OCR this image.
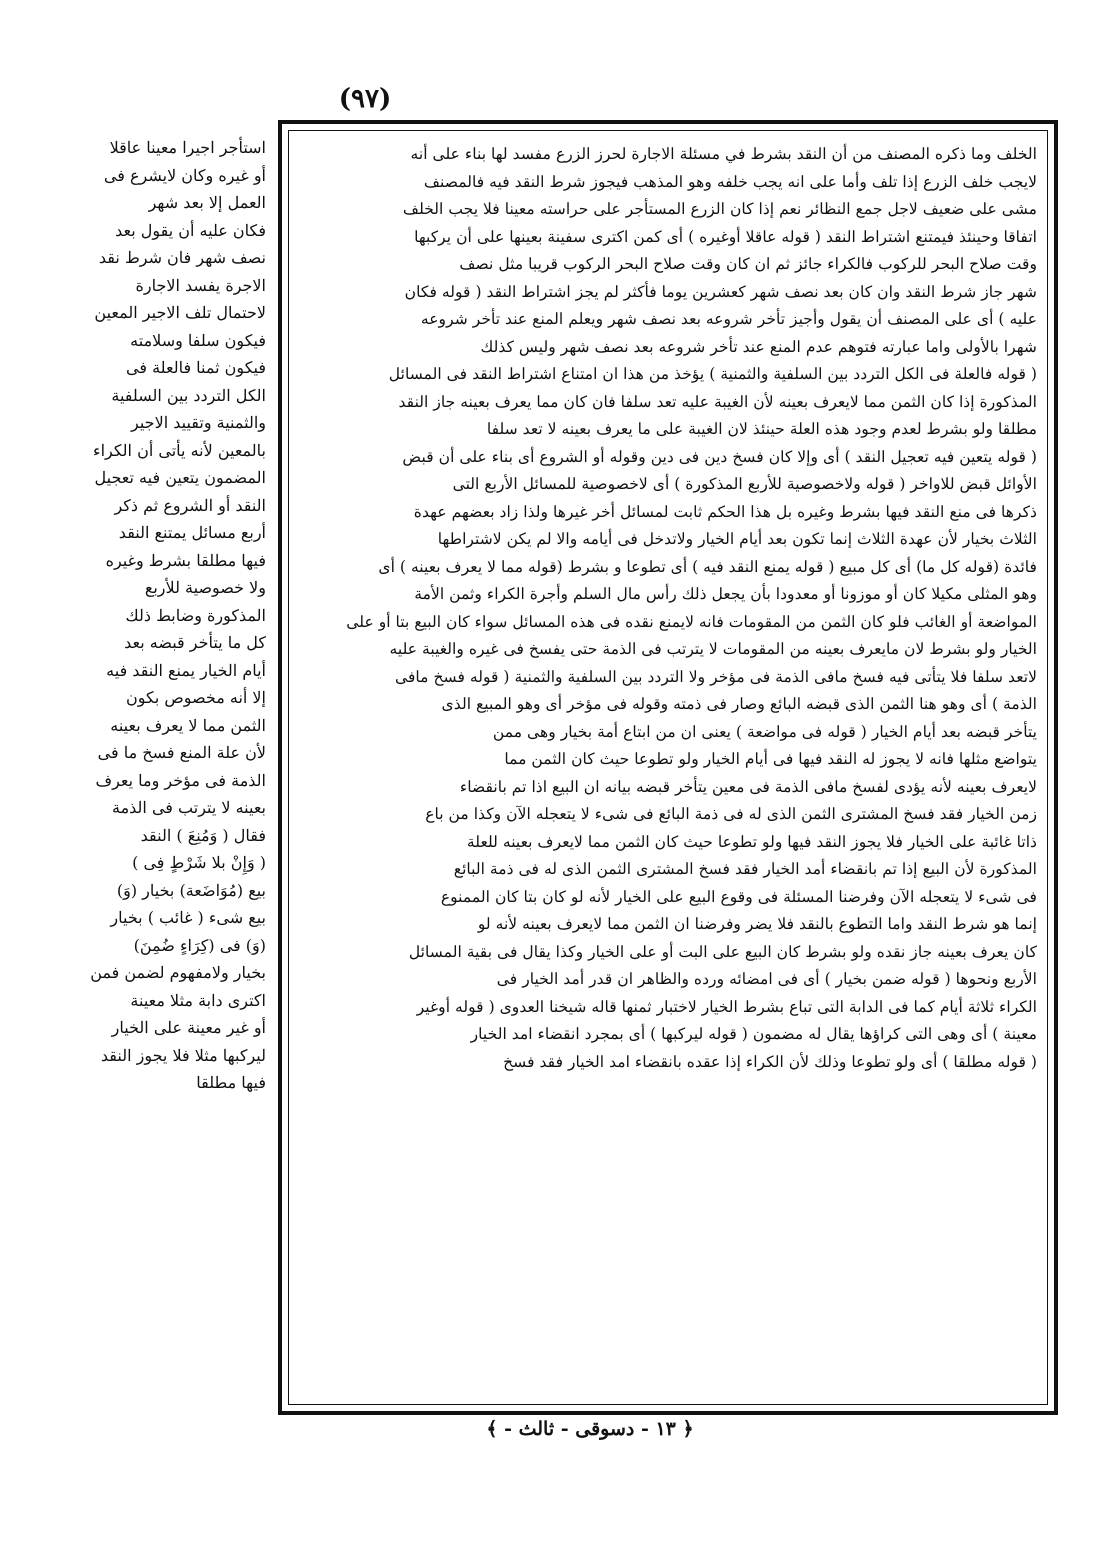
(٩٧)
استأجر اجيرا معينا عاقلا
أو غيره وكان لايشرع فى
العمل إلا بعد شهر
فكان عليه أن يقول بعد
نصف شهر فان شرط نقد
الاجرة يفسد الاجارة
لاحتمال تلف الاجير المعين
فيكون سلفا وسلامته
فيكون ثمنا فالعلة فى
الكل التردد بين السلفية
والثمنية وتقييد الاجير
بالمعين لأنه يأتى أن الكراء
المضمون يتعين فيه تعجيل
النقد أو الشروع ثم ذكر
أربع مسائل يمتنع النقد
فيها مطلقا بشرط وغيره
ولا خصوصية للأربع
المذكورة وضابط ذلك
كل ما يتأخر قبضه بعد
أيام الخيار يمنع النقد فيه
إلا أنه مخصوص بكون
الثمن مما لا يعرف بعينه
لأن علة المنع فسخ ما فى
الذمة فى مؤخر وما يعرف
بعينه لا يترتب فى الذمة
فقال ( وَمُنِعَ ) النقد
( وَإِنْ بلا شَرْطٍ فِى )
بيع (مُوَاضَعة) بخيار (وَ)
بيع شىء ( غائب ) بخيار
(وَ) فى (كِرَاءٍ ضُمِنَ)
بخيار ولامفهوم لضمن فمن
اكترى دابة مثلا معينة
أو غير معينة على الخيار
ليركبها مثلا فلا يجوز النقد
فيها مطلقا
الخلف وما ذكره المصنف من أن النقد بشرط في مسئلة الاجارة لحرز الزرع مفسد لها بناء على أنه
لايجب خلف الزرع إذا تلف وأما على انه يجب خلفه وهو المذهب فيجوز شرط النقد فيه فالمصنف
مشى على ضعيف لاجل جمع النظائر نعم إذا كان الزرع المستأجر على حراسته معينا فلا يجب الخلف
اتفاقا وحينئذ فيمتنع اشتراط النقد ( قوله عاقلا أوغيره ) أى كمن اكترى سفينة بعينها على أن يركبها
وقت صلاح البحر للركوب فالكراء جائز ثم ان كان وقت صلاح البحر الركوب قريبا مثل نصف
شهر جاز شرط النقد وان كان بعد نصف شهر كعشرين يوما فأكثر لم يجز اشتراط النقد ( قوله فكان
عليه ) أى على المصنف أن يقول وأجيز تأخر شروعه بعد نصف شهر ويعلم المنع عند تأخر شروعه
شهرا بالأولى واما عبارته فتوهم عدم المنع عند تأخر شروعه بعد نصف شهر وليس كذلك
( قوله فالعلة فى الكل التردد بين السلفية والثمنية ) يؤخذ من هذا ان امتناع اشتراط النقد فى المسائل
المذكورة إذا كان الثمن مما لايعرف بعينه لأن الغيبة عليه تعد سلفا فان كان مما يعرف بعينه جاز النقد
مطلقا ولو بشرط لعدم وجود هذه العلة حينئذ لان الغيبة على ما يعرف بعينه لا تعد سلفا
( قوله يتعين فيه تعجيل النقد ) أى وإلا كان فسخ دين فى دين وقوله أو الشروع أى بناء على أن قبض
الأوائل قبض للاواخر ( قوله ولاخصوصية للأربع المذكورة ) أى لاخصوصية للمسائل الأربع التى
ذكرها فى منع النقد فيها بشرط وغيره بل هذا الحكم ثابت لمسائل أخر غيرها ولذا زاد بعضهم عهدة
الثلاث بخيار لأن عهدة الثلاث إنما تكون بعد أيام الخيار ولاتدخل فى أيامه والا لم يكن لاشتراطها
فائدة (قوله كل ما) أى كل مبيع ( قوله يمنع النقد فيه ) أى تطوعا و بشرط (قوله مما لا يعرف بعينه ) أى
وهو المثلى مكيلا كان أو موزونا أو معدودا بأن يجعل ذلك رأس مال السلم وأجرة الكراء وثمن الأمة
المواضعة أو الغائب فلو كان الثمن من المقومات فانه لايمنع نقده فى هذه المسائل سواء كان البيع بتا أو على
الخيار ولو بشرط لان مايعرف بعينه من المقومات لا يترتب فى الذمة حتى يفسخ فى غيره والغيبة عليه
لاتعد سلفا فلا يتأتى فيه فسخ مافى الذمة فى مؤخر ولا التردد بين السلفية والثمنية ( قوله فسخ مافى
الذمة ) أى وهو هنا الثمن الذى قبضه البائع وصار فى ذمته وقوله فى مؤخر أى وهو المبيع الذى
يتأخر قبضه بعد أيام الخيار ( قوله فى مواضعة ) يعنى ان من ابتاع أمة بخيار وهى ممن
يتواضع مثلها فانه لا يجوز له النقد فيها فى أيام الخيار ولو تطوعا حيث كان الثمن مما
لايعرف بعينه لأنه يؤدى لفسخ مافى الذمة فى معين يتأخر قبضه بيانه ان البيع اذا تم بانقضاء
زمن الخيار فقد فسخ المشترى الثمن الذى له فى ذمة البائع فى شىء لا يتعجله الآن وكذا من باع
ذاتا غائبة على الخيار فلا يجوز النقد فيها ولو تطوعا حيث كان الثمن مما لايعرف بعينه للعلة
المذكورة لأن البيع إذا تم بانقضاء أمد الخيار فقد فسخ المشترى الثمن الذى له فى ذمة البائع
فى شىء لا يتعجله الآن وفرضنا المسئلة فى وقوع البيع على الخيار لأنه لو كان بتا كان الممنوع
إنما هو شرط النقد واما التطوع بالنقد فلا يضر وفرضنا ان الثمن مما لايعرف بعينه لأنه لو
كان يعرف بعينه جاز نقده ولو بشرط كان البيع على البت أو على الخيار وكذا يقال فى بقية المسائل
الأربع ونحوها ( قوله ضمن بخيار ) أى فى امضائه ورده والظاهر ان قدر أمد الخيار فى
الكراء ثلاثة أيام كما فى الدابة التى تباع بشرط الخيار لاختبار ثمنها قاله شيخنا العدوى ( قوله أوغير
معينة ) أى وهى التى كراؤها يقال له مضمون ( قوله ليركبها ) أى بمجرد انقضاء امد الخيار
( قوله مطلقا ) أى ولو تطوعا وذلك لأن الكراء إذا عقده بانقضاء امد الخيار فقد فسخ
﴿ ١٣ - دسوقى - ثالث - ﴾
